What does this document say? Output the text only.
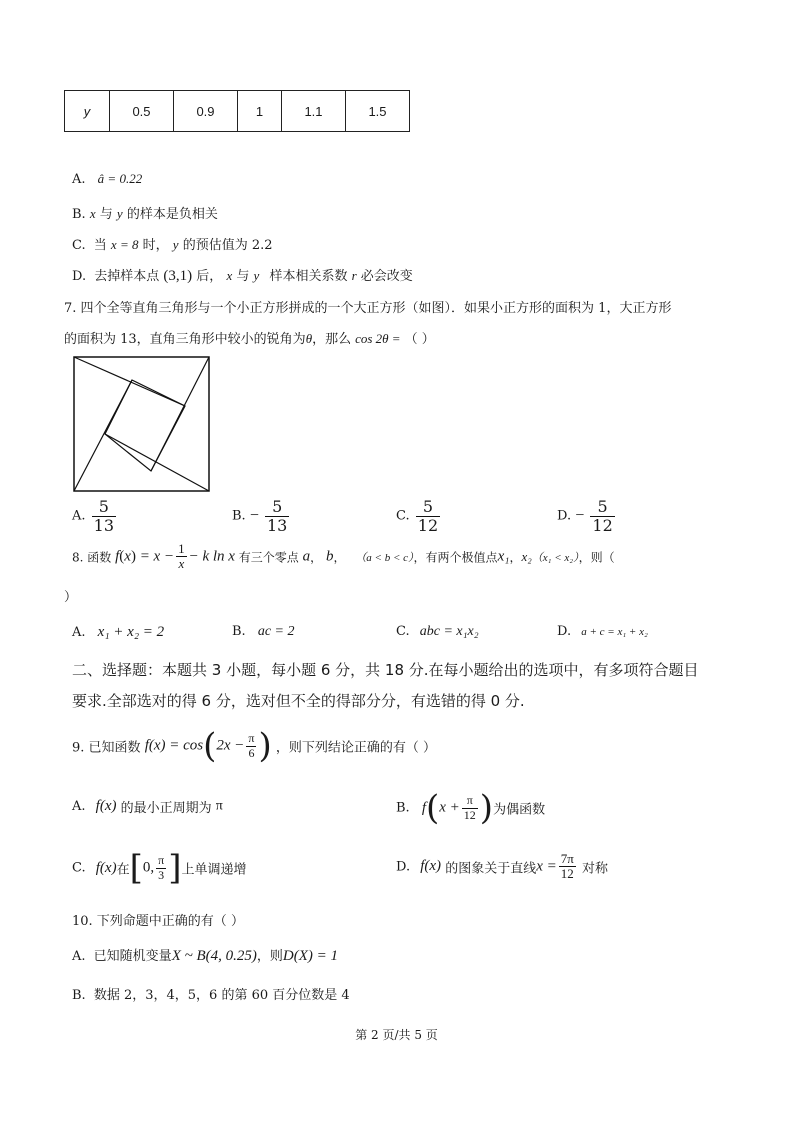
y	0.5	0.9	1	1.1	1.5
A. â = 0.22
B. x 与 y 的样本是负相关
C. 当 x = 8 时， y 的预估值为 2.2
D. 去掉样本点 (3,1) 后， x 与 y 样本相关系数 r 必会改变
7. 四个全等直角三角形与一个小正方形拼成的一个大正方形（如图）．如果小正方形的面积为 1，大正方形
的面积为 13，直角三角形中较小的锐角为θ，那么 cos 2θ = （ ）
A. $\frac{5}{13}$	B. − $\frac{5}{13}$	C. $\frac{5}{12}$	D. − $\frac{5}{12}$
8. 函数 $f(x) = x - \frac{1}{x} - k$ ln x 有三个零点 a， b， （a < b < c），有两个极值点x₁，x₂（x₁ < x₂），则（
）
A. x₁ + x₂ = 2	B. ac = 2	C. abc = x₁x₂	D. a + c = x₁ + x₂
二、选择题：本题共 3 小题，每小题 6 分，共 18 分.在每小题给出的选项中，有多项符合题目
要求.全部选对的得 6 分，选对但不全的得部分分，有选错的得 0 分.
9. 已知函数 $f(x) = \cos(2x - \frac{\pi}{6}$ ) ，则下列结论正确的有（ ）
A. f(x) 的最小正周期为 π	B. $f(x + \frac{\pi}{12}$ )为偶函数
C. f(x)在[0, $\frac{\pi}{3}$ ]上单调递增	D. f(x) 的图象关于直线$x = \frac{7\pi}{12}$ 对称
10. 下列命题中正确的有（ ）
A. 已知随机变量X ~ B(4, 0.25)，则D(X) = 1
B. 数据 2，3，4，5，6 的第 60 百分位数是 4
第 2 页/共 5 页
